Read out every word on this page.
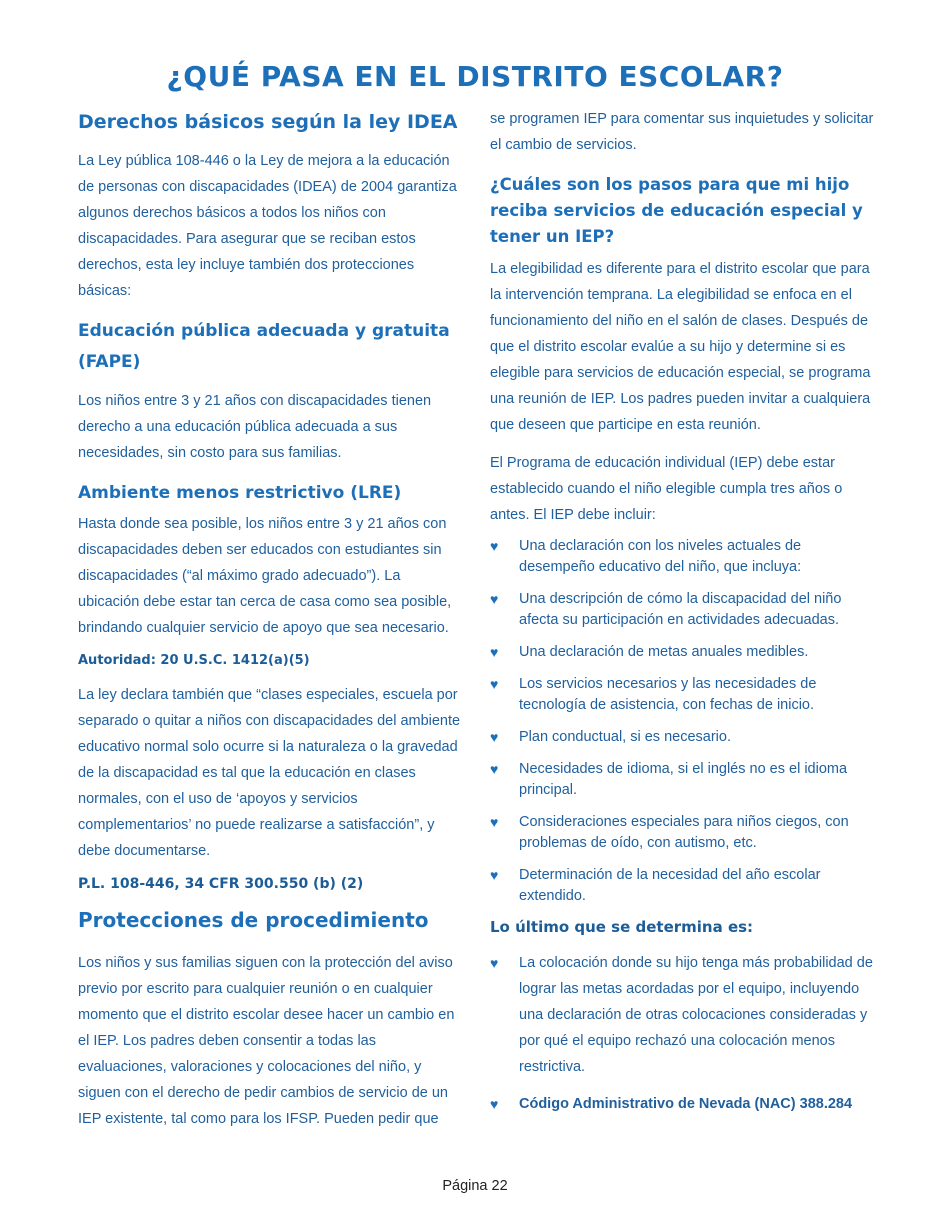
¿QUÉ PASA EN EL DISTRITO ESCOLAR?
Derechos básicos según la ley IDEA

La Ley pública 108-446 o la Ley de mejora a la educación de personas con discapacidades (IDEA) de 2004 garantiza algunos derechos básicos a todos los niños con discapacidades. Para asegurar que se reciban estos derechos, esta ley incluye también dos protecciones básicas:

Educación pública adecuada y gratuita (FAPE)

Los niños entre 3 y 21 años con discapacidades tienen derecho a una educación pública adecuada a sus necesidades, sin costo para sus familias.

Ambiente menos restrictivo (LRE)

Hasta donde sea posible, los niños entre 3 y 21 años con discapacidades deben ser educados con estudiantes sin discapacidades (“al máximo grado adecuado”). La ubicación debe estar tan cerca de casa como sea posible, brindando cualquier servicio de apoyo que sea necesario.

Autoridad: 20 U.S.C. 1412(a)(5)

La ley declara también que “clases especiales, escuela por separado o quitar a niños con discapacidades del ambiente educativo normal solo ocurre si la naturaleza o la gravedad de la discapacidad es tal que la educación en clases normales, con el uso de ‘apoyos y servicios complementarios’ no puede realizarse a satisfacción”, y debe documentarse.

P.L. 108-446, 34 CFR 300.550 (b) (2)
Protecciones de procedimiento

Los niños y sus familias siguen con la protección del aviso previo por escrito para cualquier reunión o en cualquier momento que el distrito escolar desee hacer un cambio en el IEP. Los padres deben consentir a todas las evaluaciones, valoraciones y colocaciones del niño, y siguen con el derecho de pedir cambios de servicio de un IEP existente, tal como para los IFSP. Pueden pedir que

se programen IEP para comentar sus inquietudes y solicitar el cambio de servicios.

¿Cuáles son los pasos para que mi hijo reciba servicios de educación especial y tener un IEP?

La elegibilidad es diferente para el distrito escolar que para la intervención temprana. La elegibilidad se enfoca en el funcionamiento del niño en el salón de clases. Después de que el distrito escolar evalúe a su hijo y determine si es elegible para servicios de educación especial, se programa una reunión de IEP. Los padres pueden invitar a cualquiera que deseen que participe en esta reunión.

El Programa de educación individual (IEP) debe estar establecido cuando el niño elegible cumpla tres años o antes. El IEP debe incluir:

♥ Una declaración con los niveles actuales de desempeño educativo del niño, que incluya:
♥ Una descripción de cómo la discapacidad del niño afecta su participación en actividades adecuadas.
♥ Una declaración de metas anuales medibles.
♥ Los servicios necesarios y las necesidades de tecnología de asistencia, con fechas de inicio.
♥ Plan conductual, si es necesario.
♥ Necesidades de idioma, si el inglés no es el idioma principal.
♥ Consideraciones especiales para niños ciegos, con problemas de oído, con autismo, etc.
♥ Determinación de la necesidad del año escolar extendido.
Lo último que se determina es:
♥ La colocación donde su hijo tenga más probabilidad de lograr las metas acordadas por el equipo, incluyendo una declaración de otras colocaciones consideradas y por qué el equipo rechazó una colocación menos restrictiva.
♥ Código Administrativo de Nevada (NAC) 388.284
Página 22
